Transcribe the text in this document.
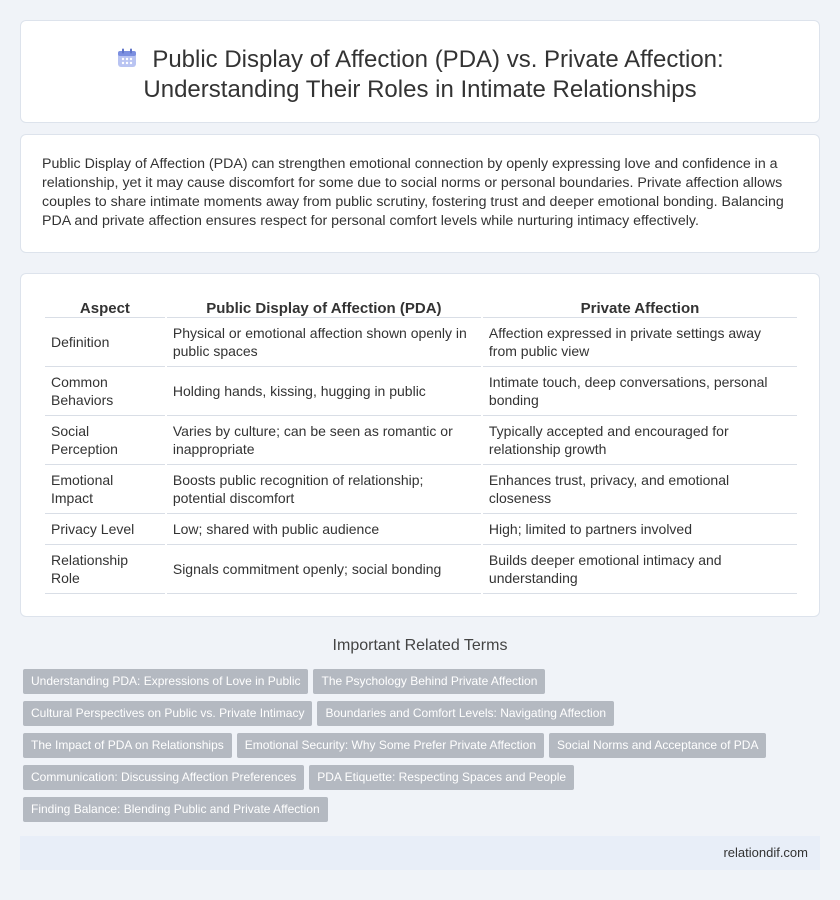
Public Display of Affection (PDA) vs. Private Affection:
Understanding Their Roles in Intimate Relationships

Public Display of Affection (PDA) can strengthen emotional connection by openly expressing love and confidence in a relationship, yet it may cause discomfort for some due to social norms or personal boundaries. Private affection allows couples to share intimate moments away from public scrutiny, fostering trust and deeper emotional bonding. Balancing PDA and private affection ensures respect for personal comfort levels while nurturing intimacy effectively.

Aspect	Public Display of Affection (PDA)	Private Affection
Definition	Physical or emotional affection shown openly in public spaces	Affection expressed in private settings away from public view
Common Behaviors	Holding hands, kissing, hugging in public	Intimate touch, deep conversations, personal bonding
Social Perception	Varies by culture; can be seen as romantic or inappropriate	Typically accepted and encouraged for relationship growth
Emotional Impact	Boosts public recognition of relationship; potential discomfort	Enhances trust, privacy, and emotional closeness
Privacy Level	Low; shared with public audience	High; limited to partners involved
Relationship Role	Signals commitment openly; social bonding	Builds deeper emotional intimacy and understanding
Important Related Terms
Understanding PDA: Expressions of Love in Public The Psychology Behind Private Affection
Cultural Perspectives on Public vs. Private Intimacy Boundaries and Comfort Levels: Navigating Affection
The Impact of PDA on Relationships Emotional Security: Why Some Prefer Private Affection Social Norms and Acceptance of PDA
Communication: Discussing Affection Preferences PDA Etiquette: Respecting Spaces and People
Finding Balance: Blending Public and Private Affection
relationdif.com
